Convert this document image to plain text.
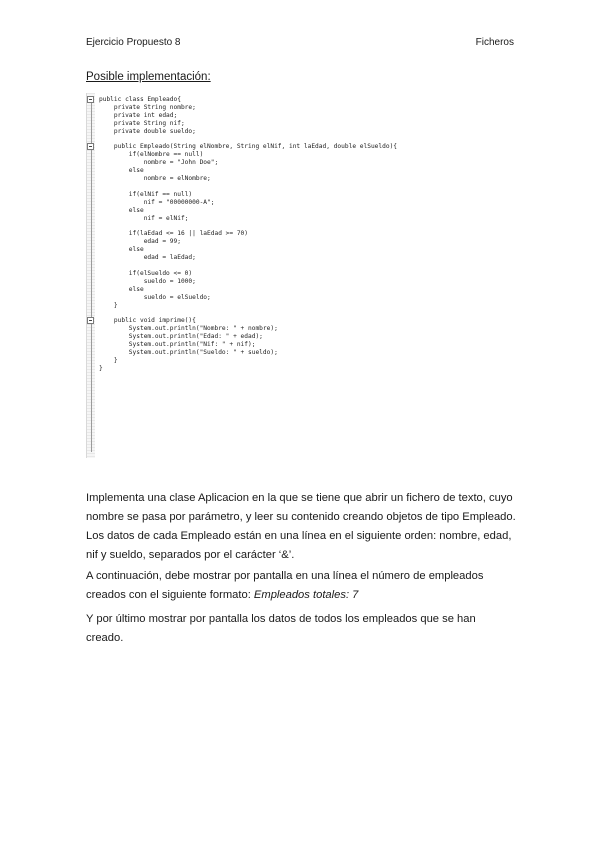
Ejercicio Propuesto 8	Ficheros
Posible implementación:
public class Empleado{
private String nombre;
private int edad;
private String nif;
private double sueldo;

public Empleado(String elNombre, String elNif, int laEdad, double elSueldo){
if(elNombre == null)
nombre = "John Doe";
else
nombre = elNombre;

if(elNif == null)
nif = "00000000-A";
else
nif = elNif;

if(laEdad <= 16 || laEdad >= 70)
edad = 99;
else
edad = laEdad;

if(elSueldo <= 0)
sueldo = 1000;
else
sueldo = elSueldo;
}

public void imprime(){
System.out.println("Nombre: " + nombre);
System.out.println("Edad: " + edad);
System.out.println("Nif: " + nif);
System.out.println("Sueldo: " + sueldo);
}
}

Implementa una clase Aplicacion en la que se tiene que abrir un fichero de texto, cuyo nombre se pasa por parámetro, y leer su contenido creando objetos de tipo Empleado. Los datos de cada Empleado están en una línea en el siguiente orden: nombre, edad, nif y sueldo, separados por el carácter ‘&’.

A continuación, debe mostrar por pantalla en una línea el número de empleados creados con el siguiente formato: Empleados totales: 7

Y por último mostrar por pantalla los datos de todos los empleados que se han creado.
